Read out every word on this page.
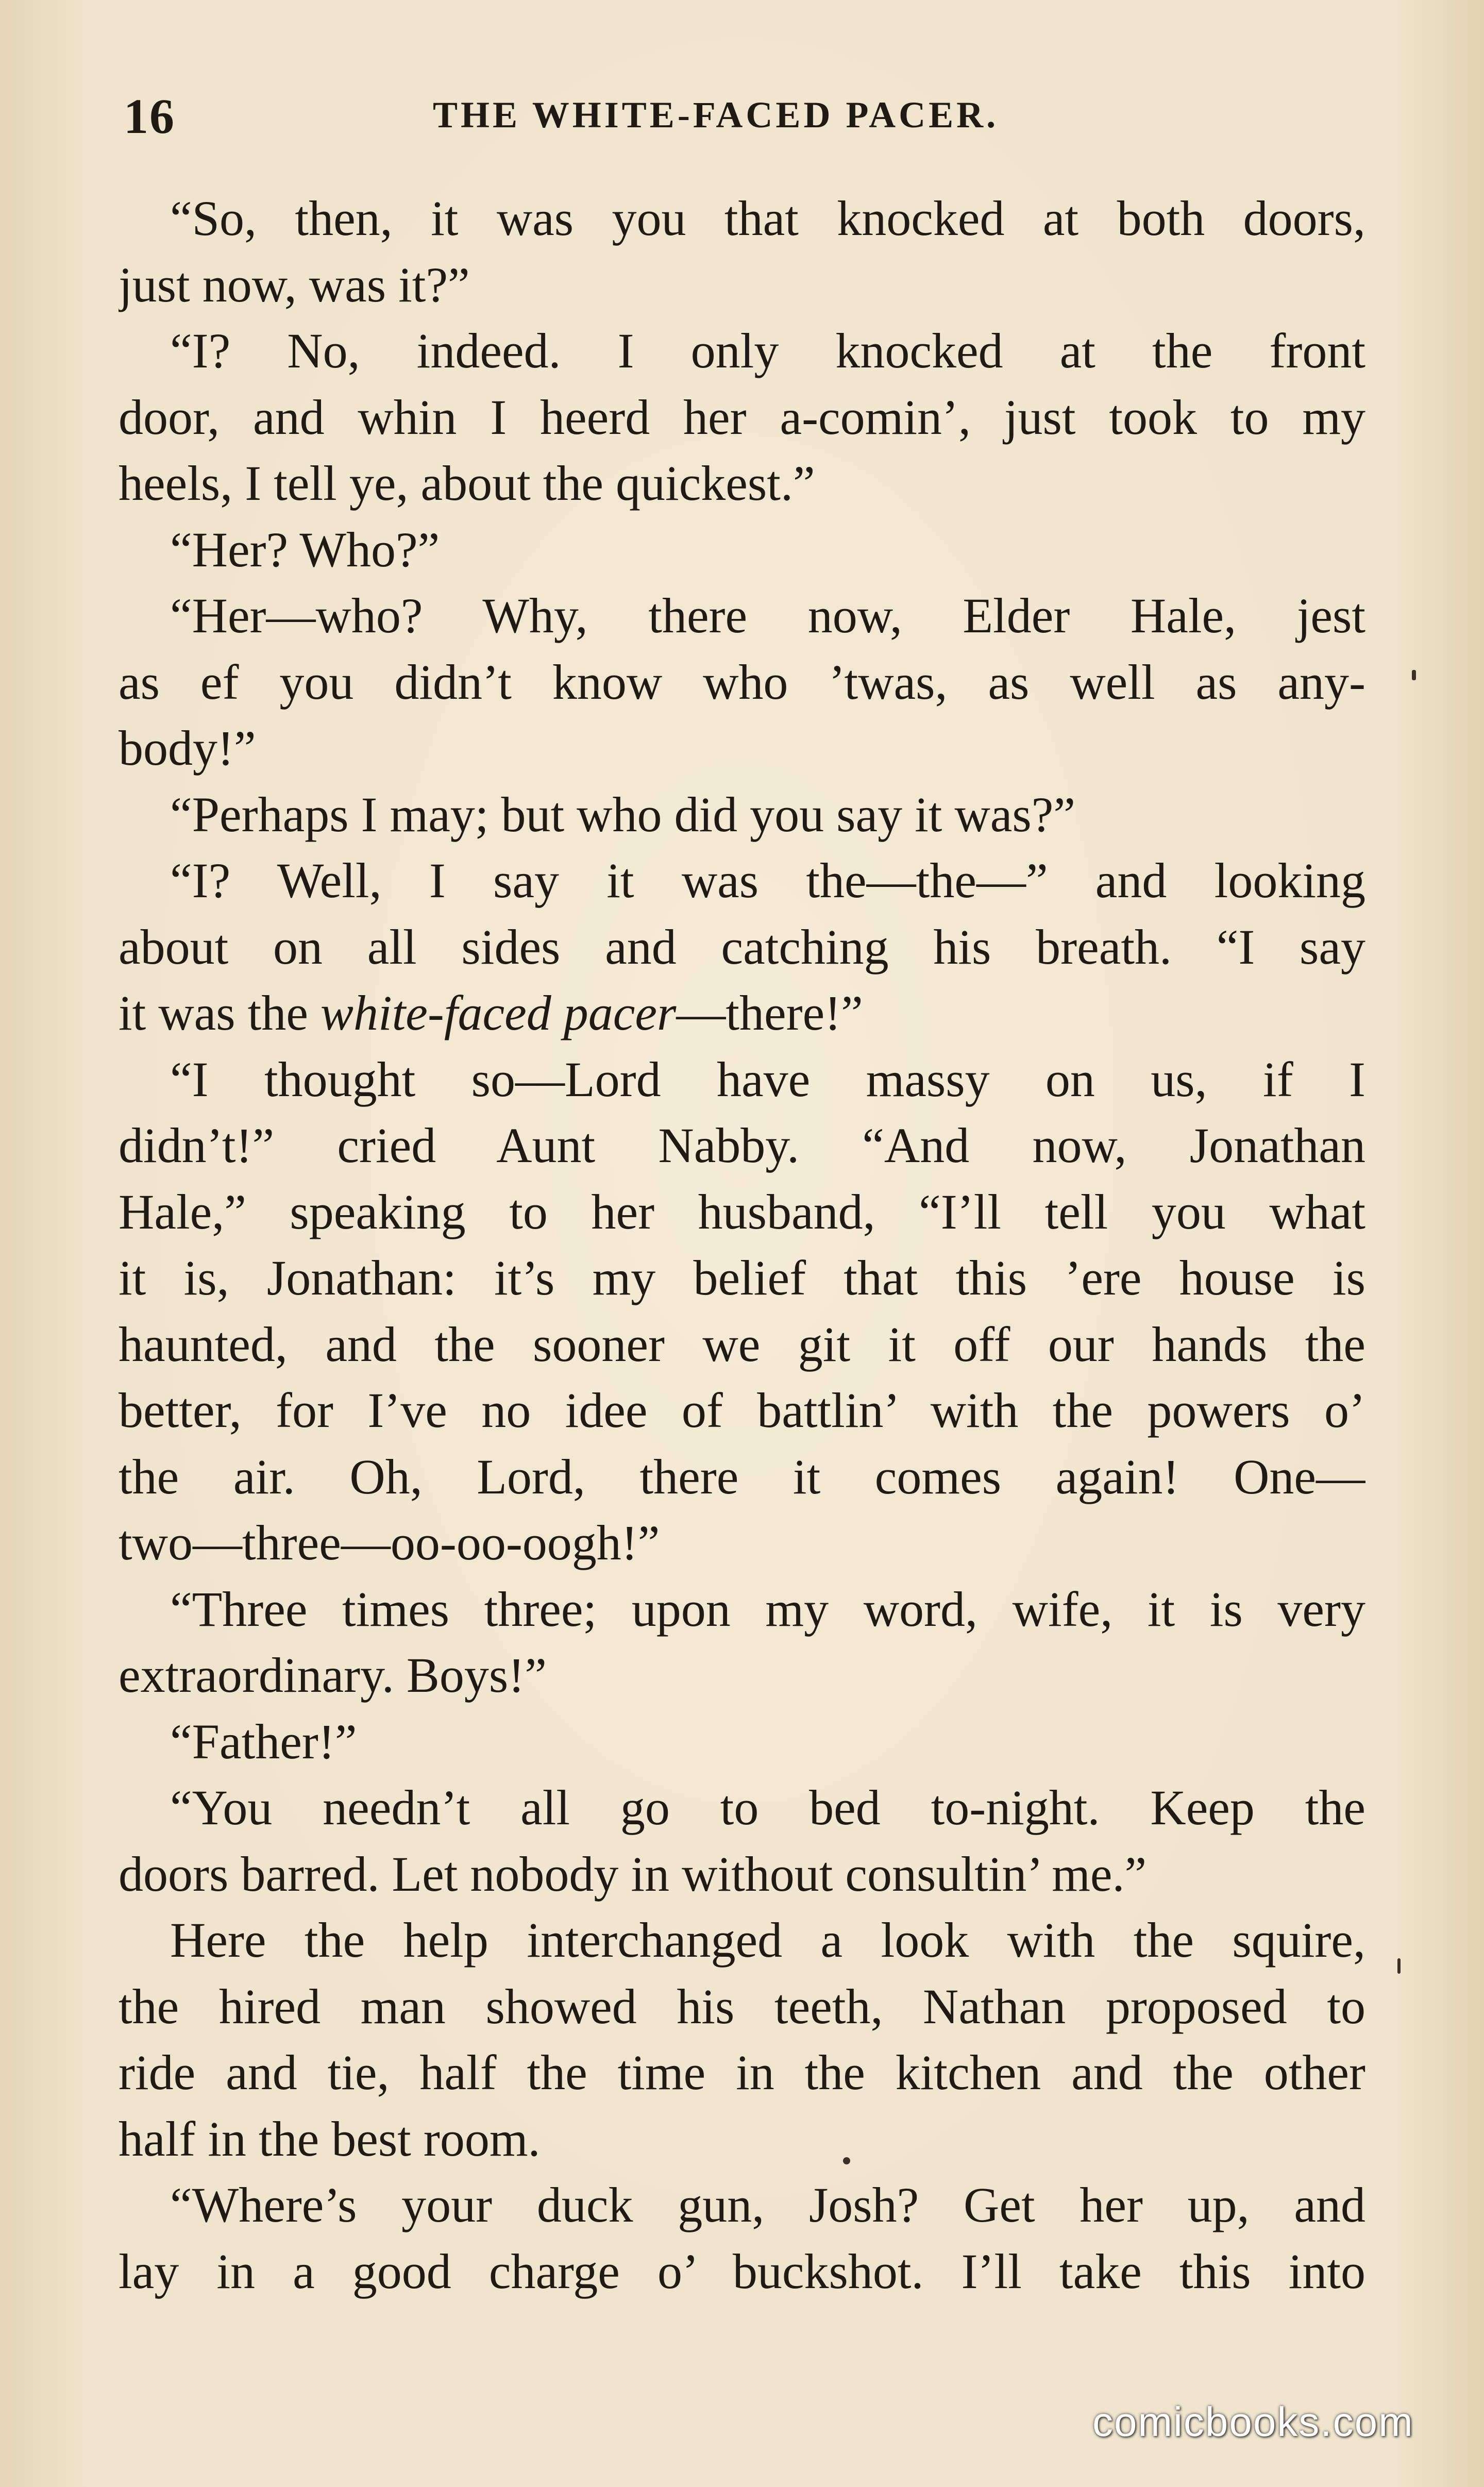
16	THE WHITE-FACED PACER.
“So, then, it was you that knocked at both doors,
just now, was it?”
“I? No, indeed. I only knocked at the front
door, and whin I heerd her a-comin’, just took to my
heels, I tell ye, about the quickest.”
“Her? Who?”
“Her—who? Why, there now, Elder Hale, jest
as ef you didn’t know who ’twas, as well as any-
body!”
“Perhaps I may; but who did you say it was?”
“I? Well, I say it was the—the—” and looking
about on all sides and catching his breath. “I say
it was the white-faced pacer—there!”
“I thought so—Lord have massy on us, if I
didn’t!” cried Aunt Nabby. “And now, Jonathan
Hale,” speaking to her husband, “I’ll tell you what
it is, Jonathan: it’s my belief that this ’ere house is
haunted, and the sooner we git it off our hands the
better, for I’ve no idee of battlin’ with the powers o’
the air. Oh, Lord, there it comes again! One—
two—three—oo-oo-oogh!”
“Three times three; upon my word, wife, it is very
extraordinary. Boys!”
“Father!”
“You needn’t all go to bed to-night. Keep the
doors barred. Let nobody in without consultin’ me.”
Here the help interchanged a look with the squire,
the hired man showed his teeth, Nathan proposed to
ride and tie, half the time in the kitchen and the other
half in the best room.
“Where’s your duck gun, Josh? Get her up, and
lay in a good charge o’ buckshot. I’ll take this into
comicbooks.com
